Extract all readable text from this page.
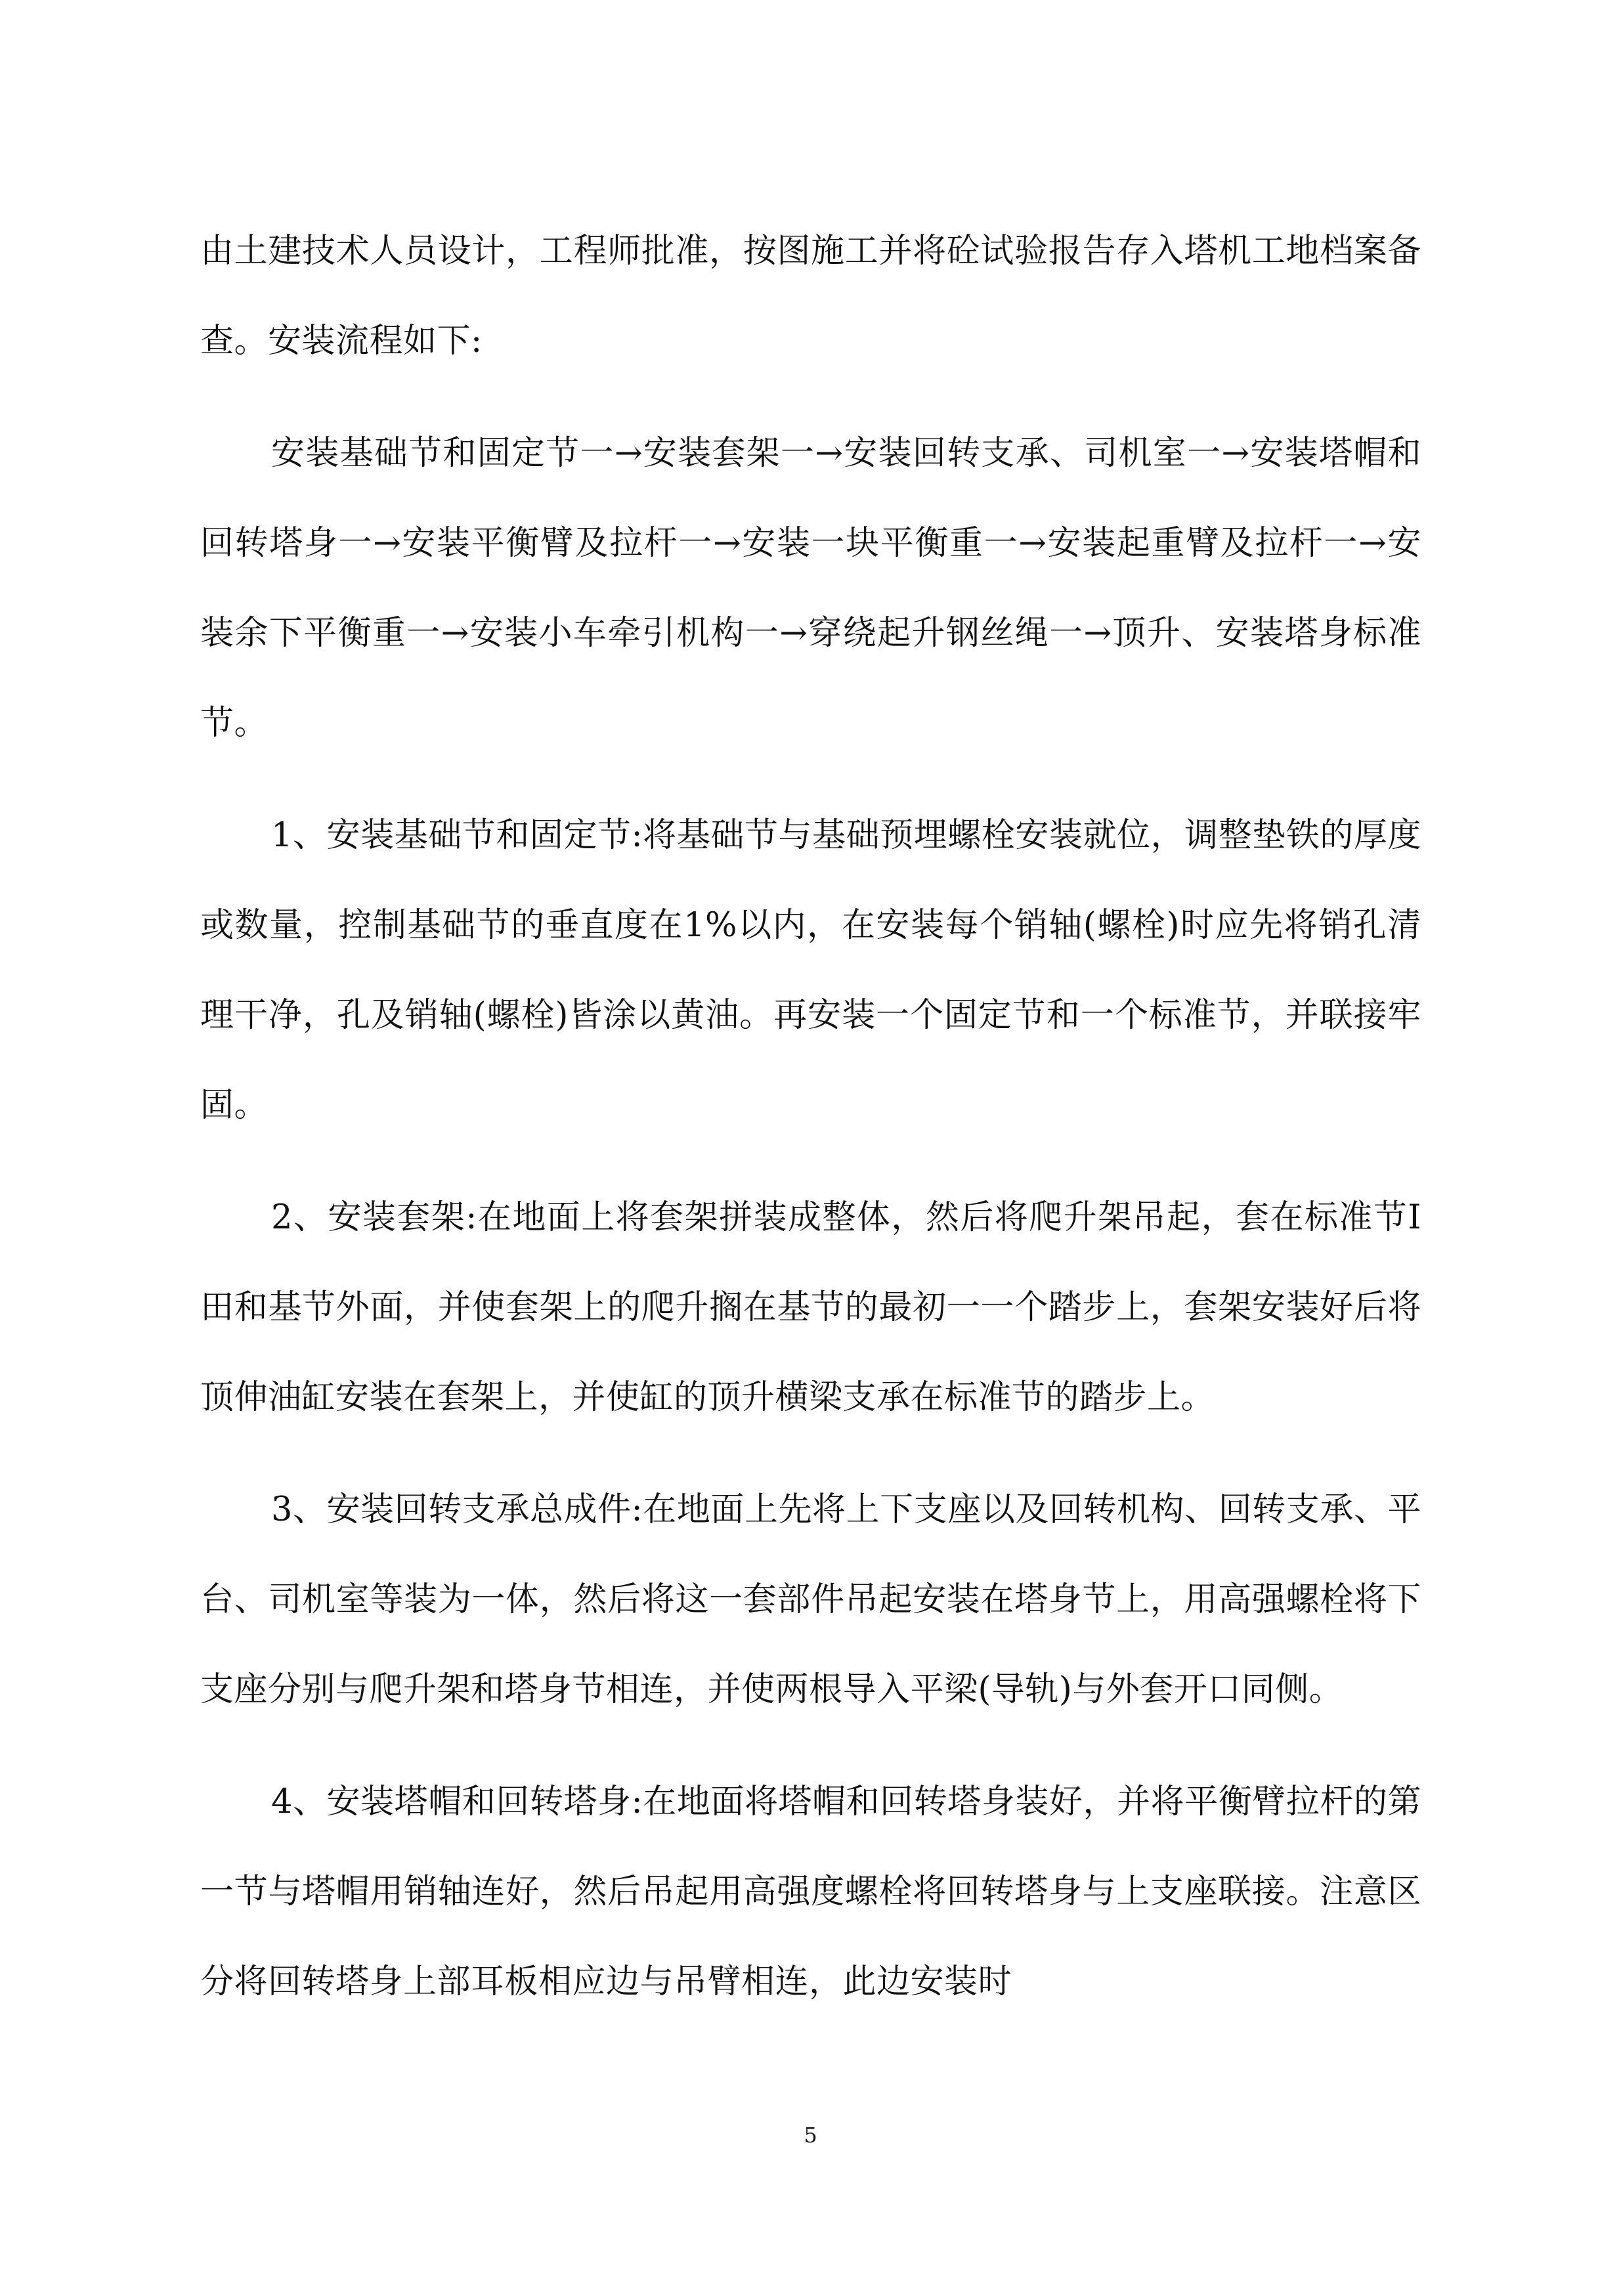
由土建技术人员设计，工程师批准，按图施工并将砼试验报告存入塔机工地档案备查。安装流程如下:

安装基础节和固定节一→安装套架一→安装回转支承、司机室一→安装塔帽和回转塔身一→安装平衡臂及拉杆一→安装一块平衡重一→安装起重臂及拉杆一→安装余下平衡重一→安装小车牵引机构一→穿绕起升钢丝绳一→顶升、安装塔身标准节。

1、安装基础节和固定节:将基础节与基础预埋螺栓安装就位，调整垫铁的厚度或数量，控制基础节的垂直度在1%以内，在安装每个销轴(螺栓)时应先将销孔清理干净，孔及销轴(螺栓)皆涂以黄油。再安装一个固定节和一个标准节，并联接牢固。

2、安装套架:在地面上将套架拼装成整体，然后将爬升架吊起，套在标准节Ⅰ田和基节外面，并使套架上的爬升搁在基节的最初一一个踏步上，套架安装好后将顶伸油缸安装在套架上，并使缸的顶升横梁支承在标准节的踏步上。

3、安装回转支承总成件:在地面上先将上下支座以及回转机构、回转支承、平台、司机室等装为一体，然后将这一套部件吊起安装在塔身节上，用高强螺栓将下支座分别与爬升架和塔身节相连，并使两根导入平梁(导轨)与外套开口同侧。

4、安装塔帽和回转塔身:在地面将塔帽和回转塔身装好，并将平衡臂拉杆的第一节与塔帽用销轴连好，然后吊起用高强度螺栓将回转塔身与上支座联接。注意区分将回转塔身上部耳板相应边与吊臂相连，此边安装时

5
